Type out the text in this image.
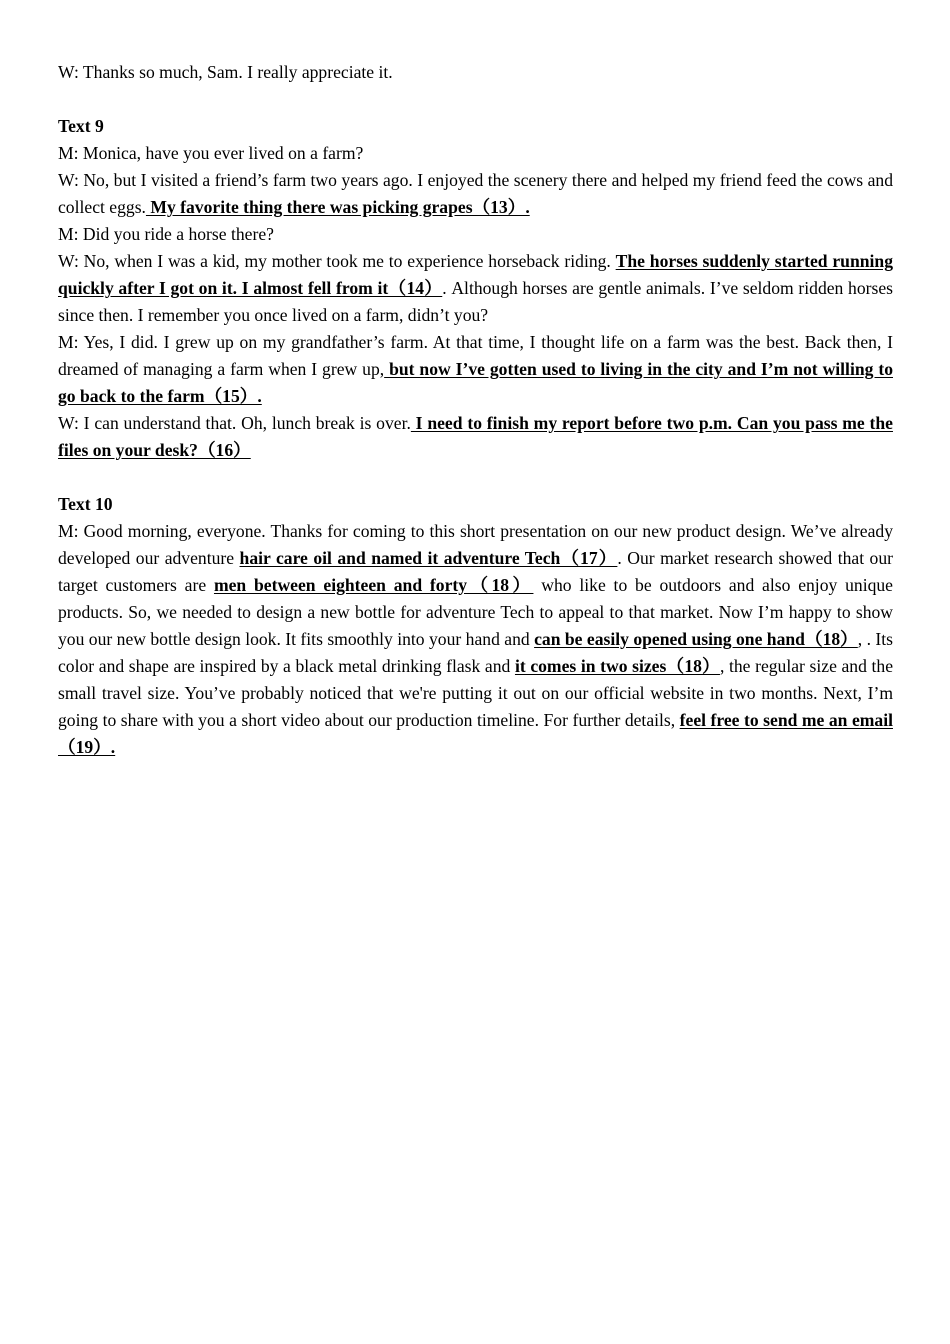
W: Thanks so much, Sam. I really appreciate it.

Text 9

M: Monica, have you ever lived on a farm?

W: No, but I visited a friend’s farm two years ago. I enjoyed the scenery there and helped my friend feed the cows and collect eggs. My favorite thing there was picking grapes（13）.

M: Did you ride a horse there?

W: No, when I was a kid, my mother took me to experience horseback riding. The horses suddenly started running quickly after I got on it. I almost fell from it（14）. Although horses are gentle animals. I’ve seldom ridden horses since then. I remember you once lived on a farm, didn’t you?

M: Yes, I did. I grew up on my grandfather’s farm. At that time, I thought life on a farm was the best. Back then, I dreamed of managing a farm when I grew up, but now I’ve gotten used to living in the city and I’m not willing to go back to the farm（15）.

W: I can understand that. Oh, lunch break is over. I need to finish my report before two p.m. Can you pass me the files on your desk?（16）

Text 10

M: Good morning, everyone. Thanks for coming to this short presentation on our new product design. We’ve already developed our adventure hair care oil and named it adventure Tech（17）. Our market research showed that our target customers are men between eighteen and forty（18） who like to be outdoors and also enjoy unique products. So, we needed to design a new bottle for adventure Tech to appeal to that market. Now I’m happy to show you our new bottle design look. It fits smoothly into your hand and can be easily opened using one hand（18）, . Its color and shape are inspired by a black metal drinking flask and it comes in two sizes（18）, the regular size and the small travel size. You’ve probably noticed that we're putting it out on our official website in two months. Next, I’m going to share with you a short video about our production timeline. For further details, feel free to send me an email（19）.
